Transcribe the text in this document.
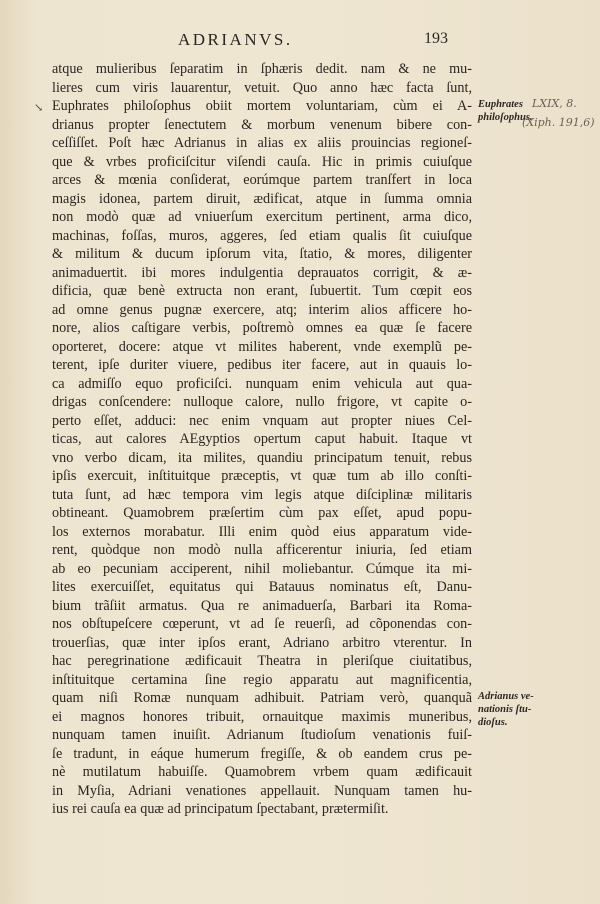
ADRIANVS.	193
↘
atque mulieribus ſeparatim in ſphæris dedit. nam & ne mu-
lieres cum viris lauarentur, vetuit. Quo anno hæc facta ſunt,
Euphrates philoſophus obiit mortem voluntariam, cùm ei A-
drianus propter ſenectutem & morbum venenum bibere con-
ceſſiſſet. Poſt hæc Adrianus in alias ex aliis prouincias regioneſ-
que & vrbes proficiſcitur viſendi cauſa. Hic in primis cuiuſque
arces & mœnia conſiderat, eorúmque partem tranſfert in loca
magis idonea, partem diruit, ædificat, atque in ſumma omnia
non modò quæ ad vniuerſum exercitum pertinent, arma dico,
machinas, foſſas, muros, aggeres, ſed etiam qualis ſit cuiuſque
& militum & ducum ipſorum vita, ſtatio, & mores, diligenter
animaduertit. ibi mores indulgentia deprauatos corrigit, & æ-
dificia, quæ benè extructa non erant, ſubuertit. Tum cœpit eos
ad omne genus pugnæ exercere, atq; interim alios afficere ho-
nore, alios caſtigare verbis, poſtremò omnes ea quæ ſe facere
oporteret, docere: atque vt milites haberent, vnde exemplũ pe-
terent, ipſe duriter viuere, pedibus iter facere, aut in quauis lo-
ca admiſſo equo proficiſci. nunquam enim vehicula aut qua-
drigas conſcendere: nulloque calore, nullo frigore, vt capite o-
perto eſſet, adduci: nec enim vnquam aut propter niues Cel-
ticas, aut calores AEgyptios opertum caput habuit. Itaque vt
vno verbo dicam, ita milites, quandiu principatum tenuit, rebus
ipſis exercuit, inſtituitque præceptis, vt quæ tum ab illo conſti-
tuta ſunt, ad hæc tempora vim legis atque diſciplinæ militaris
obtineant. Quamobrem præſertim cùm pax eſſet, apud popu-
los externos morabatur. Illi enim quòd eius apparatum vide-
rent, quòdque non modò nulla afficerentur iniuria, ſed etiam
ab eo pecuniam acciperent, nihil moliebantur. Cúmque ita mi-
lites exercuiſſet, equitatus qui Batauus nominatus eſt, Danu-
bium trãſiit armatus. Qua re animaduerſa, Barbari ita Roma-
nos obſtupeſcere cœperunt, vt ad ſe reuerſi, ad cõponendas con-
trouerſias, quæ inter ipſos erant, Adriano arbitro vterentur. In
hac peregrinatione ædificauit Theatra in pleriſque ciuitatibus,
inſtituitque certamina ſine regio apparatu aut magnificentia,
quam niſi Romæ nunquam adhibuit. Patriam verò, quanquã
ei magnos honores tribuit, ornauitque maximis muneribus,
nunquam tamen inuiſit. Adrianum ſtudioſum venationis fuiſ-
ſe tradunt, in eáque humerum fregiſſe, & ob eandem crus pe-
nè mutilatum habuiſſe. Quamobrem vrbem quam ædificauit
in Myſia, Adriani venationes appellauit. Nunquam tamen hu-
ius rei cauſa ea quæ ad principatum ſpectabant, prætermiſit.
Euphrates
philoſophus.
Adrianus ve-
nationis ſtu-
dioſus.
LXIX, 8.
(Xiph. 191,6)
